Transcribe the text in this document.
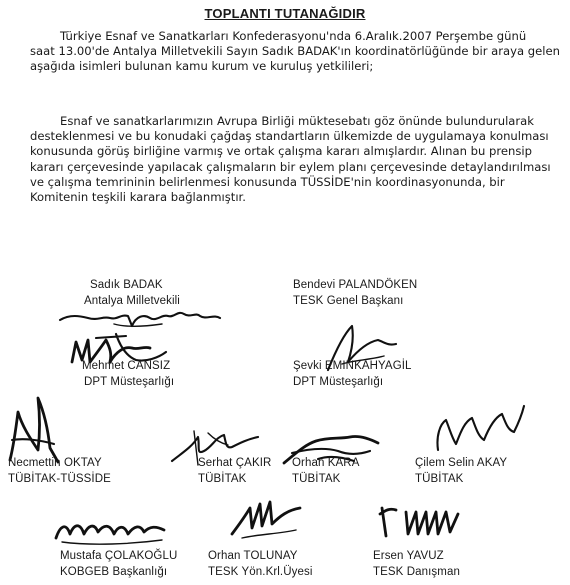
TOPLANTI TUTANAĞIDIR
Türkiye Esnaf ve Sanatkarları Konfederasyonu'nda 6.Aralık.2007 Perşembe günü
saat 13.00'de Antalya Milletvekili Sayın Sadık BADAK'ın koordinatörlüğünde bir araya gelen
aşağıda isimleri bulunan kamu kurum ve kuruluş yetkilileri;
Esnaf ve sanatkarlarımızın Avrupa Birliği müktesebatı göz önünde bulundurularak
desteklenmesi ve bu konudaki çağdaş standartların ülkemizde de uygulamaya konulması
konusunda görüş birliğine varmış ve ortak çalışma kararı almışlardır. Alınan bu prensip
kararı çerçevesinde yapılacak çalışmaların bir eylem planı çerçevesinde detaylandırılması
ve çalışma temrininin belirlenmesi konusunda TÜSSİDE'nin koordinasyonunda, bir
Komitenin teşkili karara bağlanmıştır.
Sadık BADAK
Antalya Milletvekili
Bendevi PALANDÖKEN
TESK Genel Başkanı
Mehmet CANSIZ
DPT Müsteşarlığı
Şevki EMINKAHYAGİL
DPT Müsteşarlığı
Necmettin OKTAY
TÜBİTAK-TÜSSİDE
Serhat ÇAKIR
TÜBİTAK
Orhan KARA
TÜBİTAK
Çilem Selin AKAY
TÜBİTAK
Mustafa ÇOLAKOĞLU
KOBGEB Başkanlığı
Orhan TOLUNAY
TESK Yön.Krl.Üyesi
Ersen YAVUZ
TESK Danışman
